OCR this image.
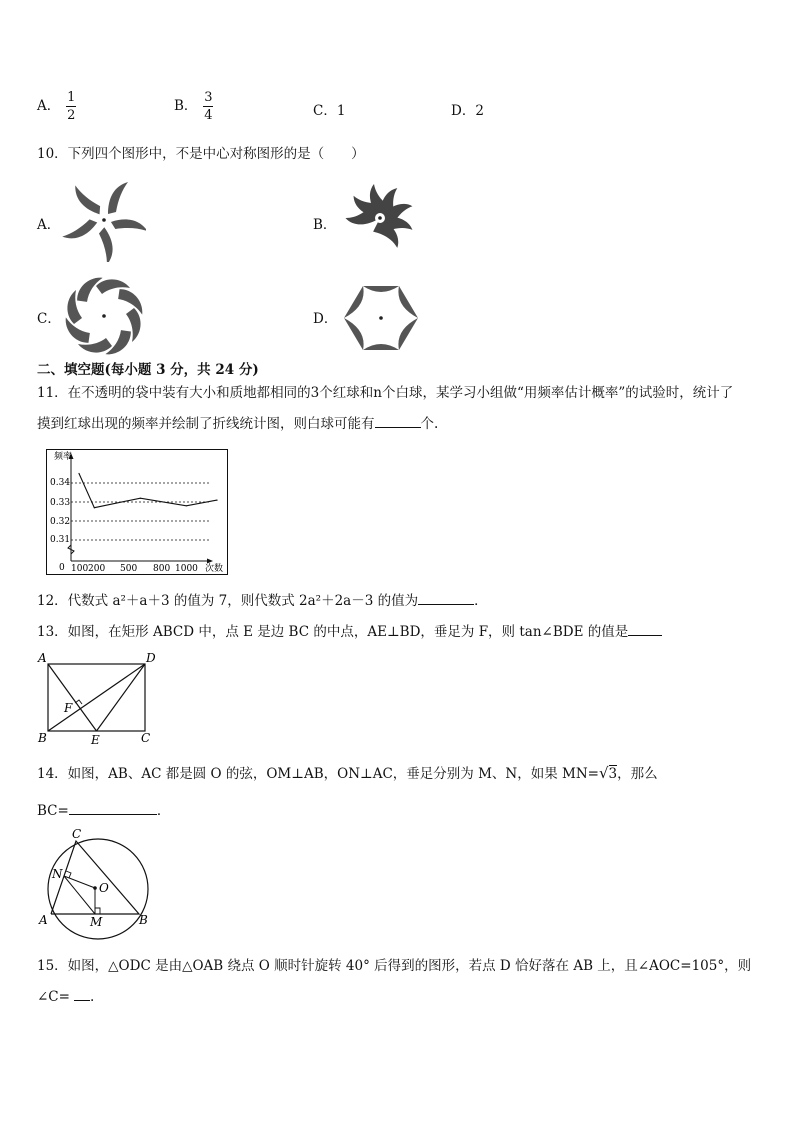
A． $\frac{1}{2}$	B． $\frac{3}{4}$	C．1	D．2
10．下列四个图形中，不是中心对称图形的是（　　）
A．	B．
C．	D．
二、填空题(每小题 3 分，共 24 分)
11．在不透明的袋中装有大小和质地都相同的3个红球和n个白球，某学习小组做“用频率估计概率”的试验时，统计了
摸到红球出现的频率并绘制了折线统计图，则白球可能有	个.
频率
次数
0.34
0.33
0.32
0.31
0 100 200 500 800 1000
12．代数式 a²＋a＋3 的值为 7，则代数式 2a²＋2a－3 的值为	．
13．如图，在矩形 ABCD 中，点 E 是边 BC 的中点，AE⊥BD，垂足为 F，则 tan∠BDE 的值是
A	D
B	E	C
F
14．如图，AB、AC 都是圆 O 的弦，OM⊥AB，ON⊥AC，垂足分别为 M、N，如果 MN=√3，那么
BC=	．
C
N
O
A	M	B
15．如图，△ODC 是由△OAB 绕点 O 顺时针旋转 40° 后得到的图形，若点 D 恰好落在 AB 上，且∠AOC=105°，则
∠C= .
